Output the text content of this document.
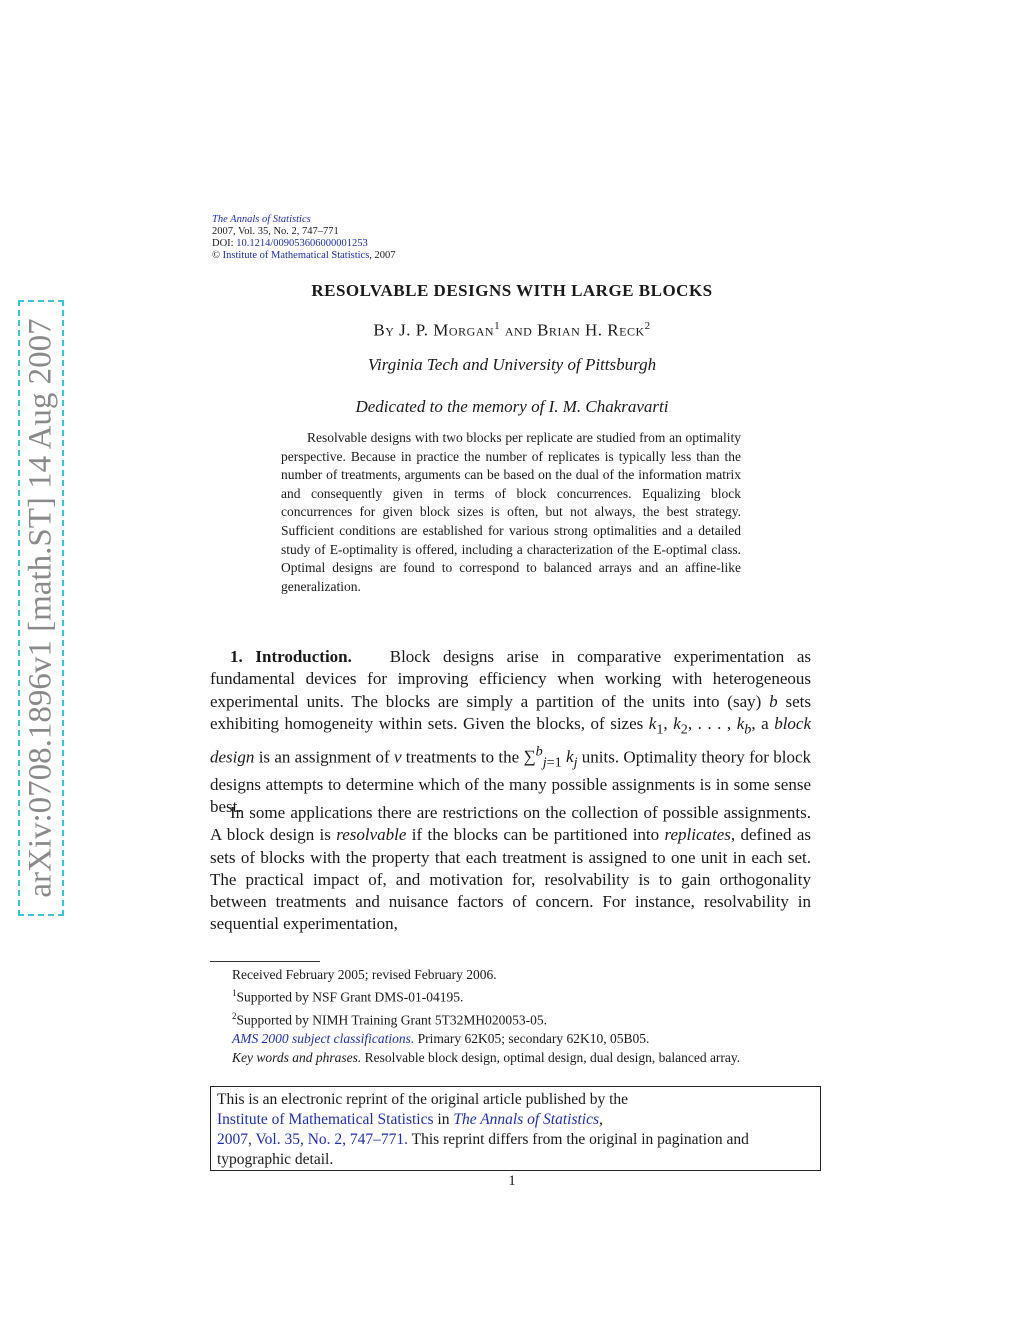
arXiv:0708.1896v1 [math.ST] 14 Aug 2007
The Annals of Statistics
2007, Vol. 35, No. 2, 747–771
DOI: 10.1214/009053606000001253
© Institute of Mathematical Statistics, 2007
RESOLVABLE DESIGNS WITH LARGE BLOCKS
By J. P. Morgan$^1$ and Brian H. Reck$^2$
Virginia Tech and University of Pittsburgh
Dedicated to the memory of I. M. Chakravarti

Resolvable designs with two blocks per replicate are studied from an optimality perspective. Because in practice the number of replicates is typically less than the number of treatments, arguments can be based on the dual of the information matrix and consequently given in terms of block concurrences. Equalizing block concurrences for given block sizes is often, but not always, the best strategy. Sufficient conditions are established for various strong optimalities and a detailed study of E-optimality is offered, including a characterization of the E-optimal class. Optimal designs are found to correspond to balanced arrays and an affine-like generalization.

1. Introduction. Block designs arise in comparative experimentation as fundamental devices for improving efficiency when working with heterogeneous experimental units. The blocks are simply a partition of the units into (say) b sets exhibiting homogeneity within sets. Given the blocks, of sizes $k_1$, $k_2$, . . . , $k_b$, a block design is an assignment of v treatments to the ∑$^b_{j=1}$ $k_j$ units. Optimality theory for block designs attempts to determine which of the many possible assignments is in some sense best.

In some applications there are restrictions on the collection of possible assignments. A block design is resolvable if the blocks can be partitioned into replicates, defined as sets of blocks with the property that each treatment is assigned to one unit in each set. The practical impact of, and motivation for, resolvability is to gain orthogonality between treatments and nuisance factors of concern. For instance, resolvability in sequential experimentation,

Received February 2005; revised February 2006.
$^1$Supported by NSF Grant DMS-01-04195.
$^2$Supported by NIMH Training Grant 5T32MH020053-05.
AMS 2000 subject classifications. Primary 62K05; secondary 62K10, 05B05.
Key words and phrases. Resolvable block design, optimal design, dual design, balanced array.
This is an electronic reprint of the original article published by the
Institute of Mathematical Statistics in The Annals of Statistics,
2007, Vol. 35, No. 2, 747–771. This reprint differs from the original in pagination and typographic detail.
1
